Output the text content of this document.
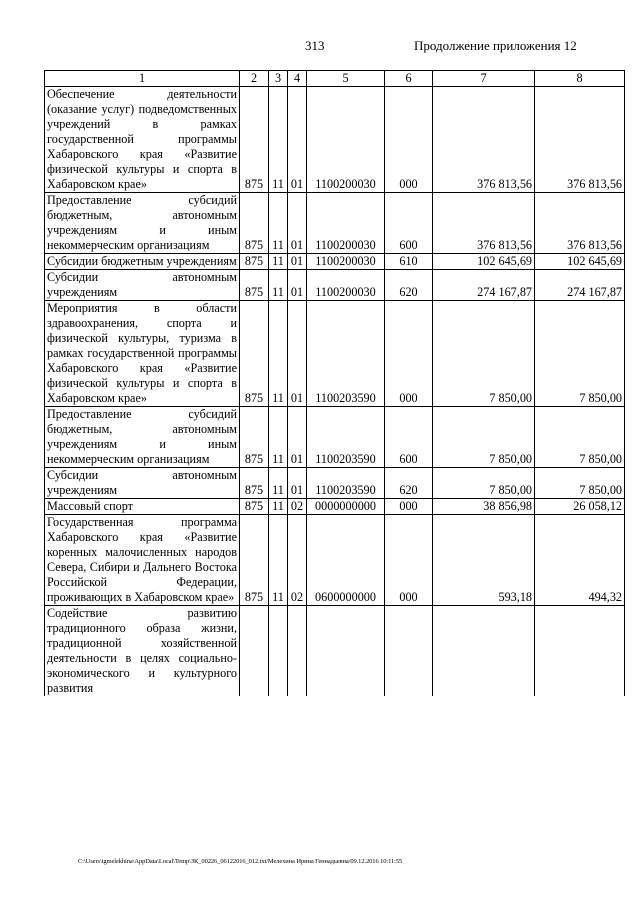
313	Продолжение приложения 12
1	2	3	4	5	6	7	8
Обеспечение деятельности (оказание услуг) подведомственных учреждений в рамках государственной программы Хабаровского края «Развитие физической культуры и спорта в Хабаровском крае»	875	11	01	1100200030	000	376 813,56	376 813,56
Предоставление субсидий бюджетным, автономным учреждениям и иным некоммерческим организациям	875	11	01	1100200030	600	376 813,56	376 813,56
Субсидии бюджетным учреждениям	875	11	01	1100200030	610	102 645,69	102 645,69
Субсидии автономным учреждениям	875	11	01	1100200030	620	274 167,87	274 167,87
Мероприятия в области здравоохранения, спорта и физической культуры, туризма в рамках государственной программы Хабаровского края «Развитие физической культуры и спорта в Хабаровском крае»	875	11	01	1100203590	000	7 850,00	7 850,00
Предоставление субсидий бюджетным, автономным учреждениям и иным некоммерческим организациям	875	11	01	1100203590	600	7 850,00	7 850,00
Субсидии автономным учреждениям	875	11	01	1100203590	620	7 850,00	7 850,00
Массовый спорт	875	11	02	0000000000	000	38 856,98	26 058,12
Государственная программа Хабаровского края «Развитие коренных малочисленных народов Севера, Сибири и Дальнего Востока Российской Федерации, проживающих в Хабаровском крае»	875	11	02	0600000000	000	593,18	494,32
Содействие развитию традиционного образа жизни, традиционной хозяйственной деятельности в целях социально-экономического и культурного развития							
C:\Users\igmelekhina\AppData\Local\Temp\ЗК_00226_06122016_012.txt/Мелехина Ирина Геннадьевна/09.12.2016 10:11:55
